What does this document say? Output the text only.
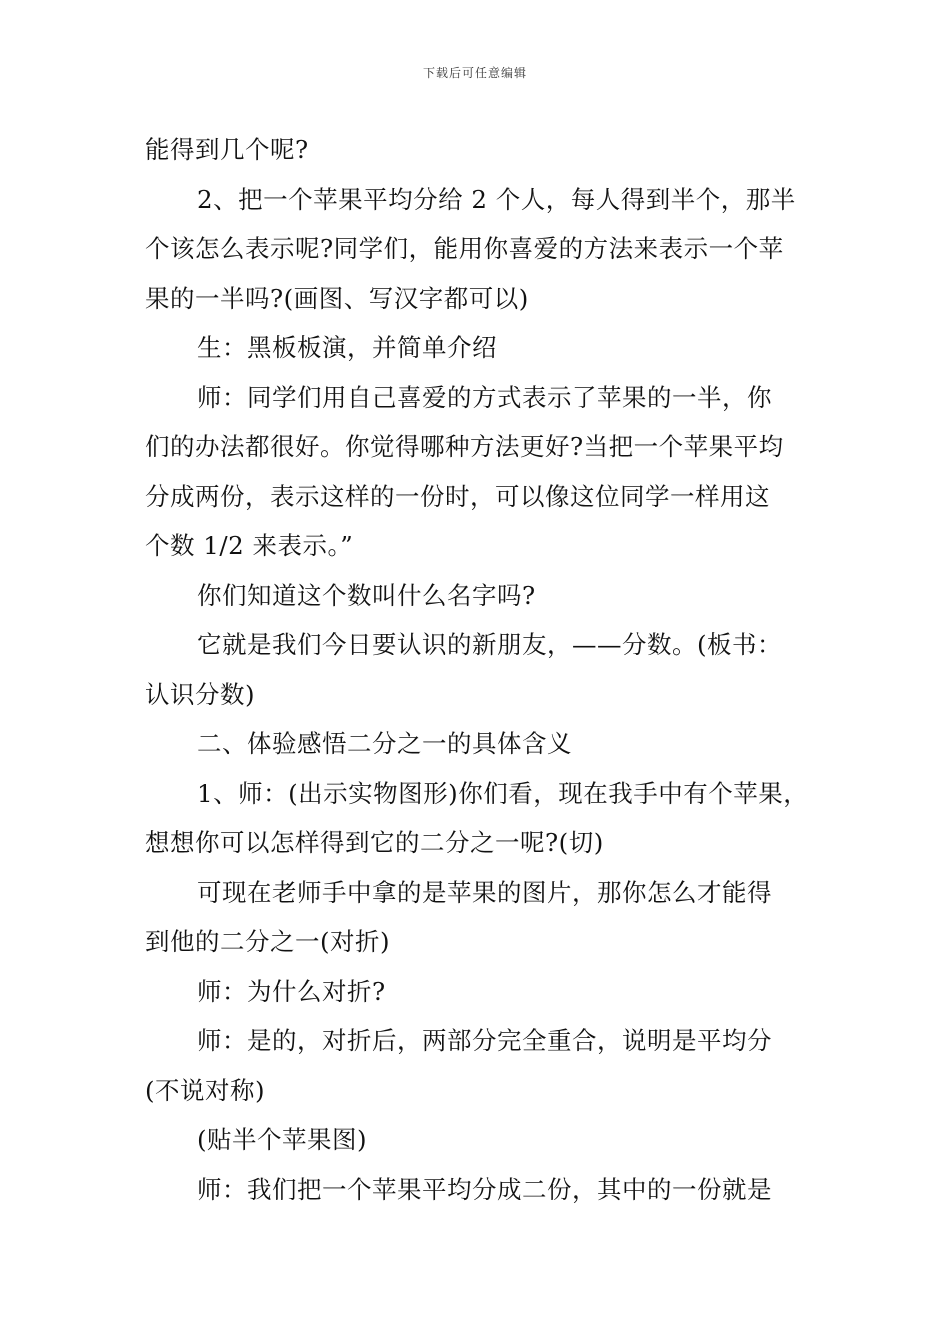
下载后可任意编辑
能得到几个呢?
2、把一个苹果平均分给 2 个人，每人得到半个，那半
个该怎么表示呢?同学们，能用你喜爱的方法来表示一个苹
果的一半吗?(画图、写汉字都可以)
生：黑板板演，并简单介绍
师：同学们用自己喜爱的方式表示了苹果的一半，你
们的办法都很好。你觉得哪种方法更好?当把一个苹果平均
分成两份，表示这样的一份时，可以像这位同学一样用这
个数 1/2 来表示。”
你们知道这个数叫什么名字吗?
它就是我们今日要认识的新朋友，——分数。(板书：
认识分数)
二、体验感悟二分之一的具体含义
1、师：(出示实物图形)你们看，现在我手中有个苹果，
想想你可以怎样得到它的二分之一呢?(切)
可现在老师手中拿的是苹果的图片，那你怎么才能得
到他的二分之一(对折)
师：为什么对折?
师：是的，对折后，两部分完全重合，说明是平均分
(不说对称)
(贴半个苹果图)
师：我们把一个苹果平均分成二份，其中的一份就是
